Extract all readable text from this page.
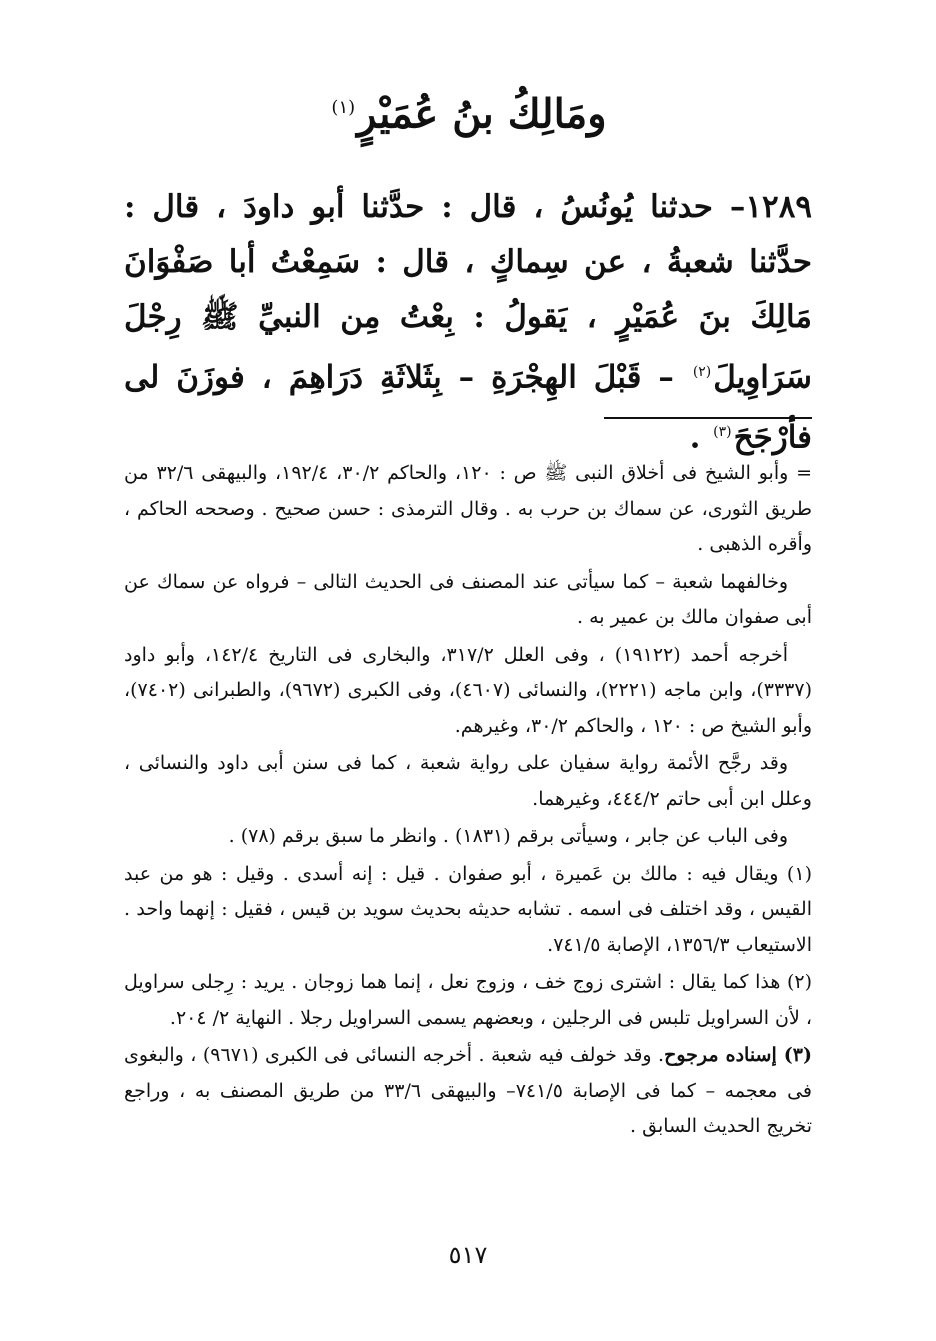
ومَالِكُ بنُ عُمَيْرٍ$^{(١)}$

١٢٨٩– حدثنا يُونُسُ ، قال : حدَّثنا أبو داودَ ، قال : حدَّثنا شعبةُ ، عن سِماكٍ ، قال : سَمِعْتُ أبا صَفْوَانَ مَالِكَ بنَ عُمَيْرٍ ، يَقولُ : بِعْتُ مِن النبيِّ ﷺ رِجْلَ سَرَاوِيلَ$^{(٢)}$ – قَبْلَ الهِجْرَةِ – بِثَلاثَةِ دَرَاهِمَ ، فوزَنَ لى فأرْجَحَ$^{(٣)}$ .

= وأبو الشيخ فى أخلاق النبى ﷺ ص : ١٢٠، والحاكم ٣٠/٢، ١٩٢/٤، والبيهقى ٣٢/٦ من طريق الثورى، عن سماك بن حرب به . وقال الترمذى : حسن صحيح . وصححه الحاكم ، وأقره الذهبى .

وخالفهما شعبة – كما سيأتى عند المصنف فى الحديث التالى – فرواه عن سماك عن أبى صفوان مالك بن عمير به .

أخرجه أحمد (١٩١٢٢) ، وفى العلل ٣١٧/٢، والبخارى فى التاريخ ١٤٢/٤، وأبو داود (٣٣٣٧)، وابن ماجه (٢٢٢١)، والنسائى (٤٦٠٧)، وفى الكبرى (٩٦٧٢)، والطبرانى (٧٤٠٢)، وأبو الشيخ ص : ١٢٠ ، والحاكم ٣٠/٢، وغيرهم.

وقد رجَّح الأئمة رواية سفيان على رواية شعبة ، كما فى سنن أبى داود والنسائى ، وعلل ابن أبى حاتم ٤٤٤/٢، وغيرهما.

وفى الباب عن جابر ، وسيأتى برقم (١٨٣١) . وانظر ما سبق برقم (٧٨) .

(١) ويقال فيه : مالك بن عَميرة ، أبو صفوان . قيل : إنه أسدى . وقيل : هو من عبد القيس ، وقد اختلف فى اسمه . تشابه حديثه بحديث سويد بن قيس ، فقيل : إنهما واحد . الاستيعاب ١٣٥٦/٣، الإصابة ٧٤١/٥.

(٢) هذا كما يقال : اشترى زوج خف ، وزوج نعل ، إنما هما زوجان . يريد : رِجلى سراويل ، لأن السراويل تلبس فى الرجلين ، وبعضهم يسمى السراويل رجلا . النهاية ٢/ ٢٠٤.

(٣) إسناده مرجوح. وقد خولف فيه شعبة . أخرجه النسائى فى الكبرى (٩٦٧١) ، والبغوى فى معجمه – كما فى الإصابة ٧٤١/٥– والبيهقى ٣٣/٦ من طريق المصنف به ، وراجع تخريج الحديث السابق .

٥١٧
